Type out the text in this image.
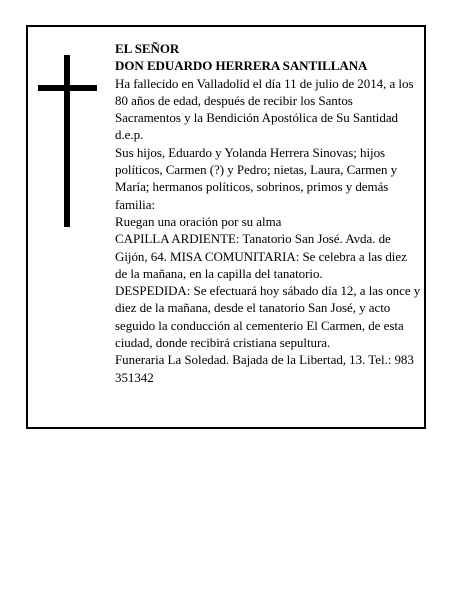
EL SEÑOR

DON EDUARDO HERRERA SANTILLANA

Ha fallecido en Valladolid el día 11 de julio de 2014, a los 80 años de edad, después de recibir los Santos Sacramentos y la Bendición Apostólica de Su Santidad

d.e.p.

Sus hijos, Eduardo y Yolanda Herrera Sinovas; hijos políticos, Carmen (?) y Pedro; nietas, Laura, Carmen y María; hermanos políticos, sobrinos, primos y demás familia:

Ruegan una oración por su alma

CAPILLA ARDIENTE: Tanatorio San José. Avda. de Gijón, 64. MISA COMUNITARIA: Se celebra a las diez de la mañana, en la capilla del tanatorio.

DESPEDIDA: Se efectuará hoy sábado día 12, a las once y diez de la mañana, desde el tanatorio San José, y acto seguido la conducción al cementerio El Carmen, de esta ciudad, donde recibirá cristiana sepultura.

Funeraria La Soledad. Bajada de la Libertad, 13. Tel.: 983 351342
